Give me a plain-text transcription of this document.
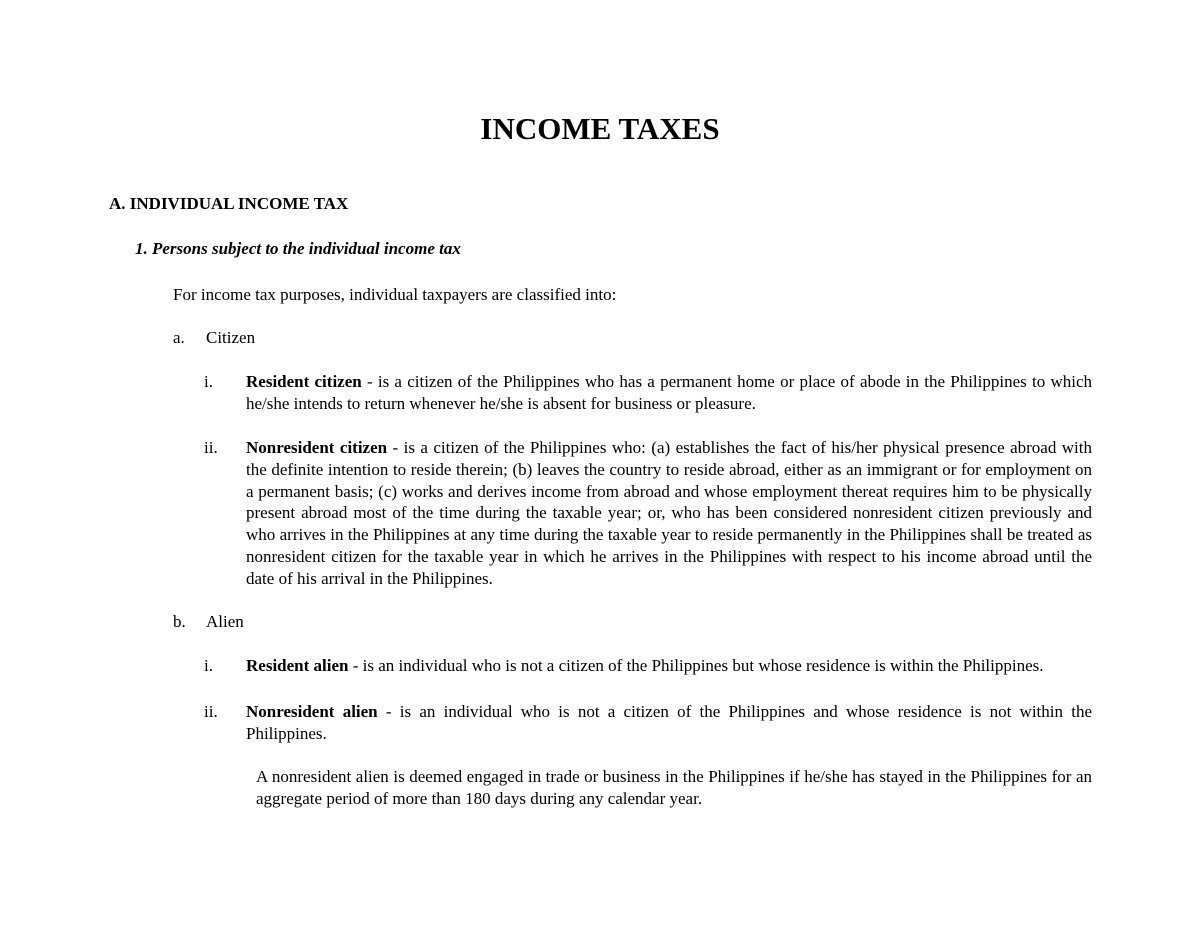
INCOME TAXES
A. INDIVIDUAL INCOME TAX
1. Persons subject to the individual income tax
For income tax purposes, individual taxpayers are classified into:
a. Citizen
i. Resident citizen - is a citizen of the Philippines who has a permanent home or place of abode in the Philippines to which he/she intends to return whenever he/she is absent for business or pleasure.
ii. Nonresident citizen - is a citizen of the Philippines who: (a) establishes the fact of his/her physical presence abroad with the definite intention to reside therein; (b) leaves the country to reside abroad, either as an immigrant or for employment on a permanent basis; (c) works and derives income from abroad and whose employment thereat requires him to be physically present abroad most of the time during the taxable year; or, who has been considered nonresident citizen previously and who arrives in the Philippines at any time during the taxable year to reside permanently in the Philippines shall be treated as nonresident citizen for the taxable year in which he arrives in the Philippines with respect to his income abroad until the date of his arrival in the Philippines.
b. Alien
i. Resident alien - is an individual who is not a citizen of the Philippines but whose residence is within the Philippines.
ii. Nonresident alien - is an individual who is not a citizen of the Philippines and whose residence is not within the Philippines.
A nonresident alien is deemed engaged in trade or business in the Philippines if he/she has stayed in the Philippines for an aggregate period of more than 180 days during any calendar year.
